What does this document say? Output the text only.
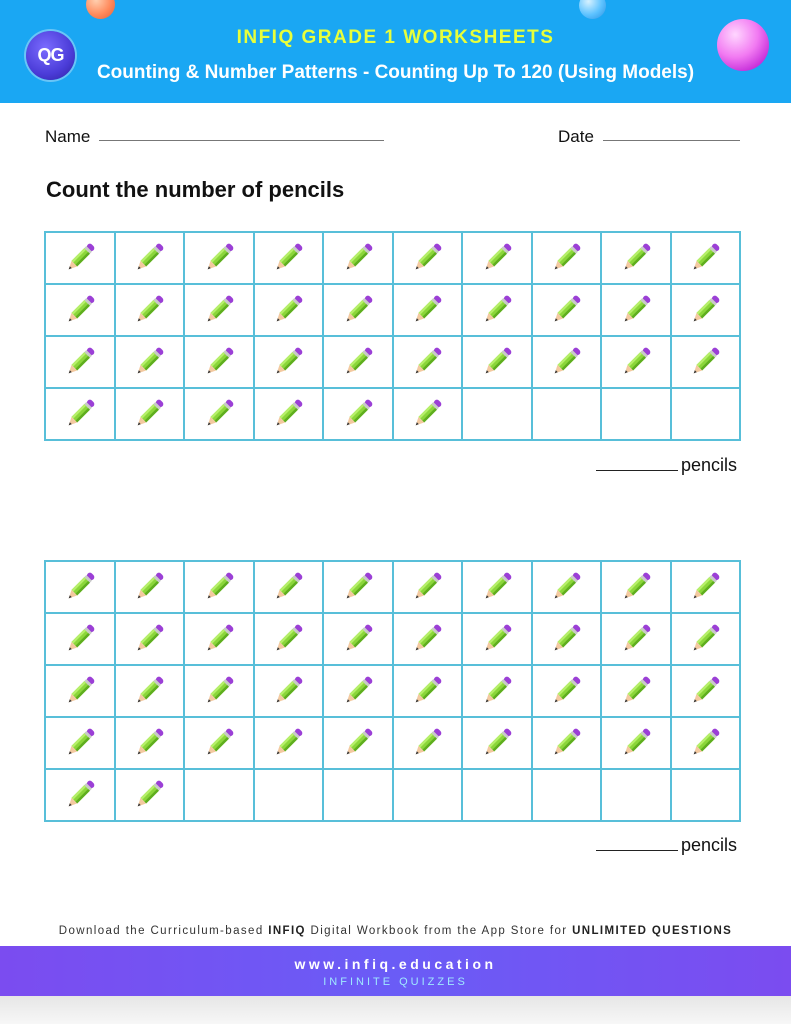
QG
INFIQ GRADE 1 WORKSHEETS
Counting & Number Patterns - Counting Up To 120 (Using Models)
Name	Date
Count the number of pencils
pencils
pencils
Download the Curriculum-based INFIQ Digital Workbook from the App Store for UNLIMITED QUESTIONS
www.infiq.education
INFINITE QUIZZES
